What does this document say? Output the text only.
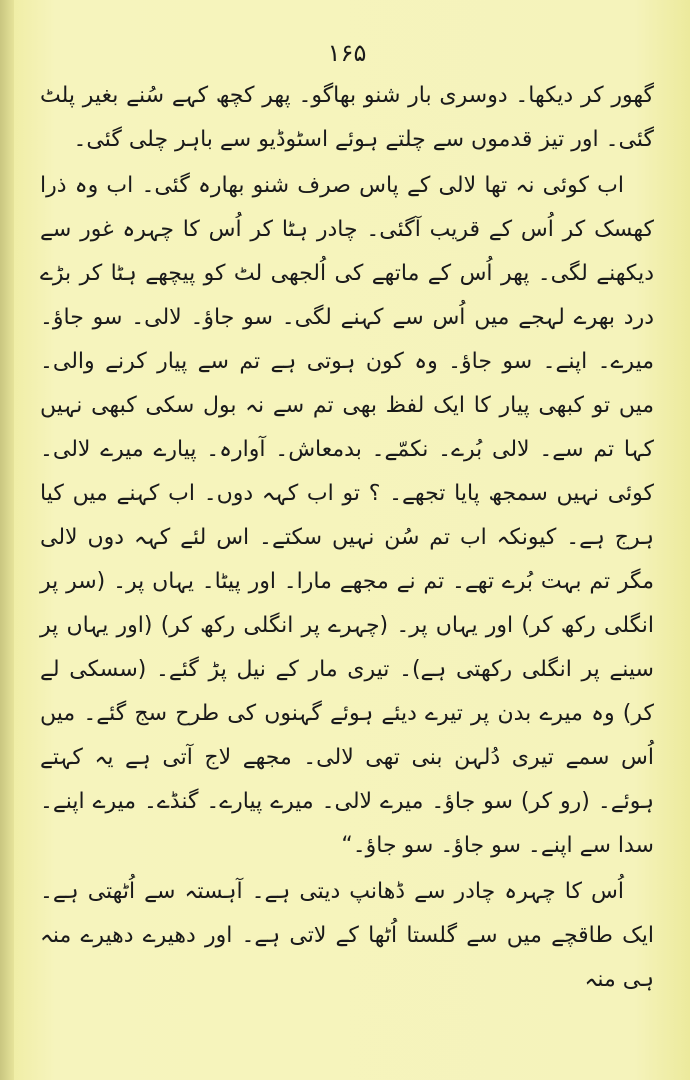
۱۶۵

گھور کر دیکھا۔ دوسری بار شنو بھاگو۔ پھر کچھ کہے سُنے بغیر پلٹ گئی۔ اور تیز قدموں سے چلتے ہوئے اسٹوڈیو سے باہر چلی گئی۔

اب کوئی نہ تھا لالی کے پاس صرف شنو بھارہ گئی۔ اب وہ ذرا کھسک کر اُس کے قریب آگئی۔ چادر ہٹا کر اُس کا چہرہ غور سے دیکھنے لگی۔ پھر اُس کے ماتھے کی اُلجھی لٹ کو پیچھے ہٹا کر بڑے درد بھرے لہجے میں اُس سے کہنے لگی۔ سو جاؤ۔ لالی۔ سو جاؤ۔ میرے۔ اپنے۔ سو جاؤ۔ وہ کون ہوتی ہے تم سے پیار کرنے والی۔ میں تو کبھی پیار کا ایک لفظ بھی تم سے نہ بول سکی کبھی نہیں کہا تم سے۔ لالی بُرے۔ نکمّے۔ بدمعاش۔ آوارہ۔ پیارے میرے لالی۔ کوئی نہیں سمجھ پایا تجھے۔ ؟ تو اب کہہ دوں۔ اب کہنے میں کیا ہرج ہے۔ کیونکہ اب تم سُن نہیں سکتے۔ اس لئے کہہ دوں لالی مگر تم بہت بُرے تھے۔ تم نے مجھے مارا۔ اور پیٹا۔ یہاں پر۔ (سر پر انگلی رکھ کر) اور یہاں پر۔ (چہرے پر انگلی رکھ کر) (اور یہاں پر سینے پر انگلی رکھتی ہے)۔ تیری مار کے نیل پڑ گئے۔ (سسکی لے کر) وہ میرے بدن پر تیرے دیئے ہوئے گہنوں کی طرح سج گئے۔ میں اُس سمے تیری دُلہن بنی تھی لالی۔ مجھے لاج آتی ہے یہ کہتے ہوئے۔ (رو کر) سو جاؤ۔ میرے لالی۔ میرے پیارے۔ گنڈے۔ میرے اپنے۔ سدا سے اپنے۔ سو جاؤ۔ سو جاؤ۔“

اُس کا چہرہ چادر سے ڈھانپ دیتی ہے۔ آہستہ سے اُٹھتی ہے۔ ایک طاقچے میں سے گلستا اُٹھا کے لاتی ہے۔ اور دھیرے دھیرے منہ ہی منہ
